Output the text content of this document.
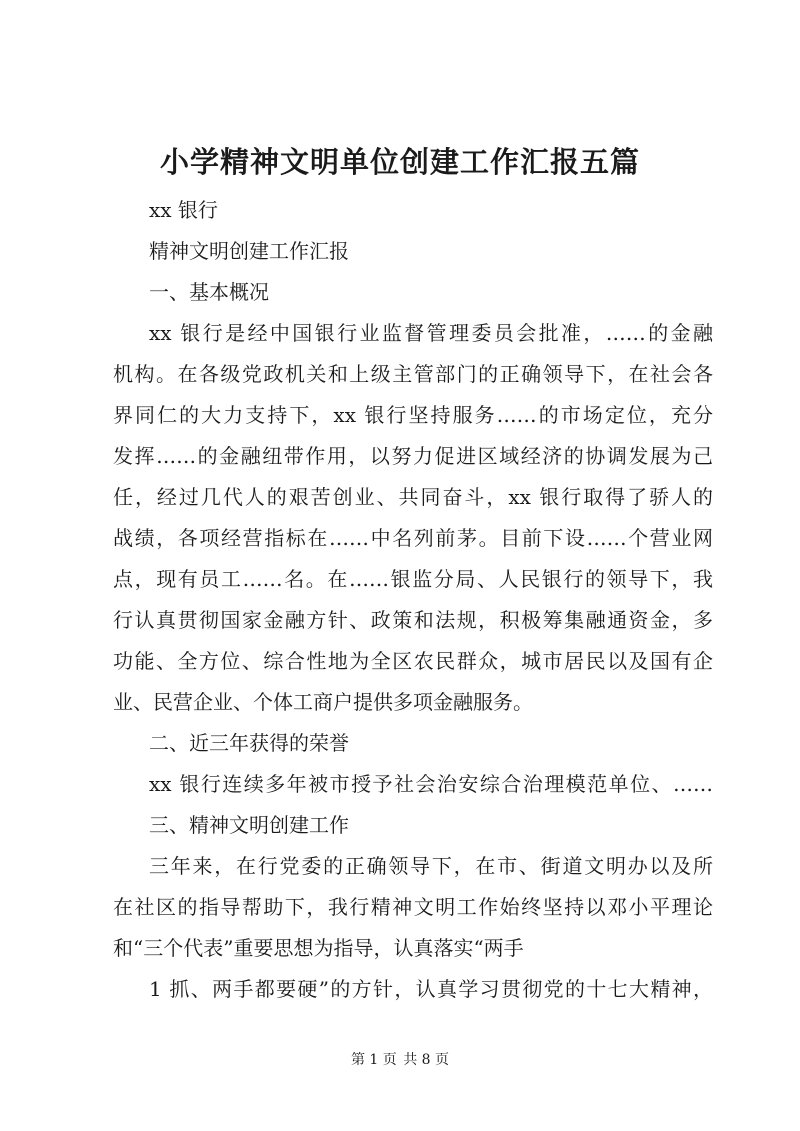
小学精神文明单位创建工作汇报五篇
xx 银行
精神文明创建工作汇报
一、基本概况
xx 银行是经中国银行业监督管理委员会批准，……的金融
机构。在各级党政机关和上级主管部门的正确领导下，在社会各
界同仁的大力支持下，xx 银行坚持服务……的市场定位，充分
发挥……的金融纽带作用，以努力促进区域经济的协调发展为己
任，经过几代人的艰苦创业、共同奋斗，xx 银行取得了骄人的
战绩，各项经营指标在……中名列前茅。目前下设……个营业网
点，现有员工……名。在……银监分局、人民银行的领导下，我
行认真贯彻国家金融方针、政策和法规，积极筹集融通资金，多
功能、全方位、综合性地为全区农民群众，城市居民以及国有企
业、民营企业、个体工商户提供多项金融服务。
二、近三年获得的荣誉
xx 银行连续多年被市授予社会治安综合治理模范单位、……
三、精神文明创建工作
三年来，在行党委的正确领导下，在市、街道文明办以及所
在社区的指导帮助下，我行精神文明工作始终坚持以邓小平理论
和“三个代表”重要思想为指导，认真落实“两手
1 抓、两手都要硬”的方针，认真学习贯彻党的十七大精神，
第 1 页 共 8 页
